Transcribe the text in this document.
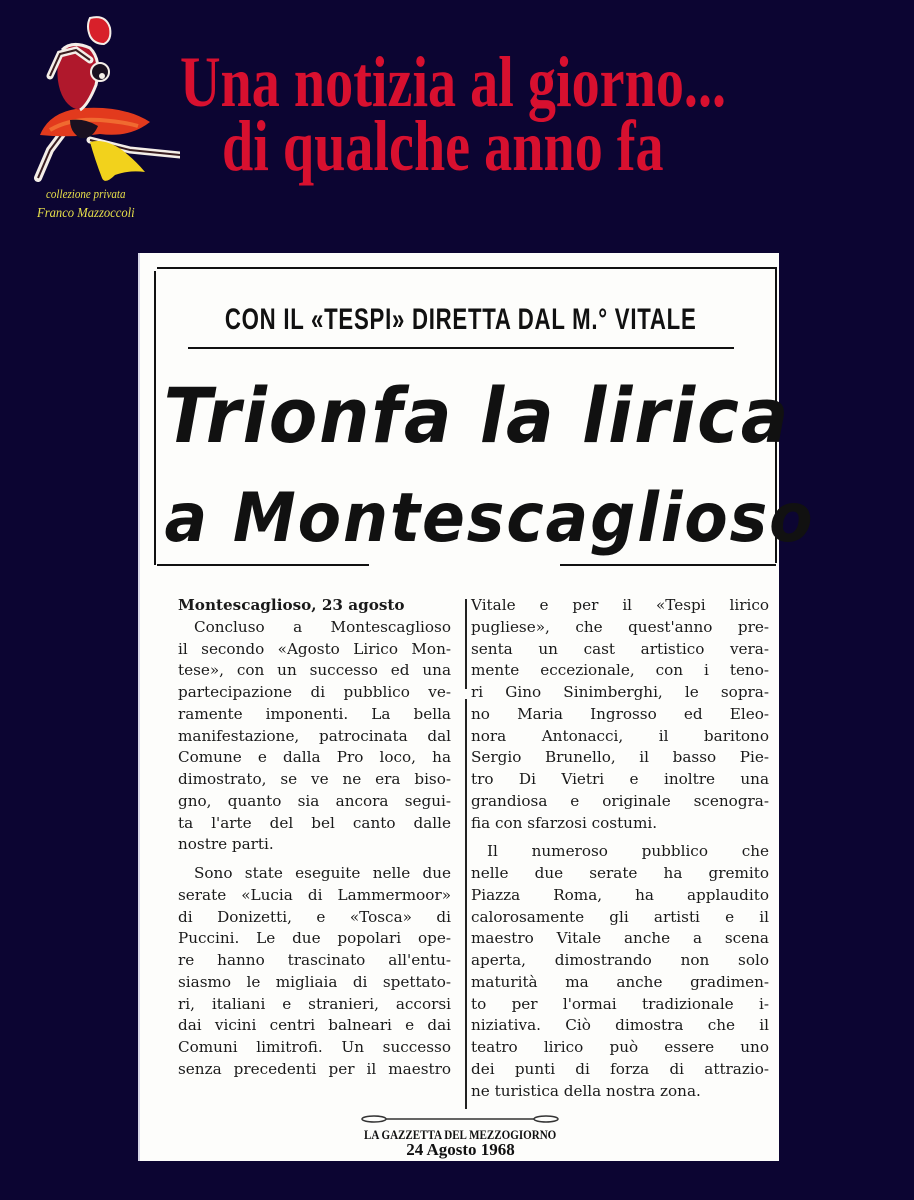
collezione privata
Franco Mazzoccoli
Una notizia al giorno...
di qualche anno fa
CON IL «TESPI» DIRETTA DAL M.° VITALE
Trionfa la lirica
a Montescaglioso
Montescaglioso, 23 agosto
Concluso a Montescaglioso
il secondo «Agosto Lirico Mon-
tese», con un successo ed una
partecipazione di pubblico ve-
ramente imponenti. La bella
manifestazione, patrocinata dal
Comune e dalla Pro loco, ha
dimostrato, se ve ne era biso-
gno, quanto sia ancora segui-
ta l'arte del bel canto dalle
nostre parti.
Sono state eseguite nelle due
serate «Lucia di Lammermoor»
di Donizetti, e «Tosca» di
Puccini. Le due popolari ope-
re hanno trascinato all'entu-
siasmo le migliaia di spettato-
ri, italiani e stranieri, accorsi
dai vicini centri balneari e dai
Comuni limitrofi. Un successo
senza precedenti per il maestro
Vitale e per il «Tespi lirico
pugliese», che quest'anno pre-
senta un cast artistico vera-
mente eccezionale, con i teno-
ri Gino Sinimberghi, le sopra-
no Maria Ingrosso ed Eleo-
nora Antonacci, il baritono
Sergio Brunello, il basso Pie-
tro Di Vietri e inoltre una
grandiosa e originale scenogra-
fia con sfarzosi costumi.
Il numeroso pubblico che
nelle due serate ha gremito
Piazza Roma, ha applaudito
calorosamente gli artisti e il
maestro Vitale anche a scena
aperta, dimostrando non solo
maturità ma anche gradimen-
to per l'ormai tradizionale i-
niziativa. Ciò dimostra che il
teatro lirico può essere uno
dei punti di forza di attrazio-
ne turistica della nostra zona.
LA GAZZETTA DEL MEZZOGIORNO
24 Agosto 1968
